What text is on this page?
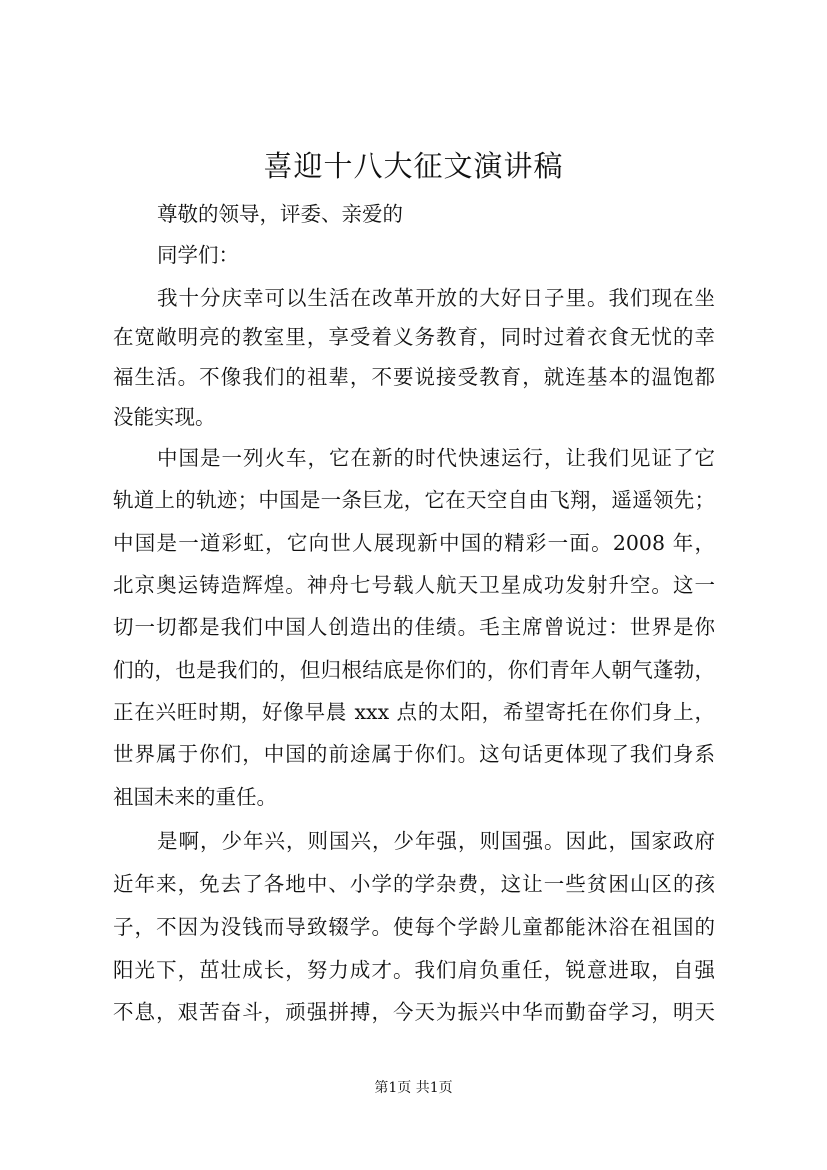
喜迎十八大征文演讲稿
尊敬的领导，评委、亲爱的
同学们：
我十分庆幸可以生活在改革开放的大好日子里。我们现在坐
在宽敞明亮的教室里，享受着义务教育，同时过着衣食无忧的幸
福生活。不像我们的祖辈，不要说接受教育，就连基本的温饱都
没能实现。
中国是一列火车，它在新的时代快速运行，让我们见证了它
轨道上的轨迹；中国是一条巨龙，它在天空自由飞翔，遥遥领先；
中国是一道彩虹，它向世人展现新中国的精彩一面。2008 年，
北京奥运铸造辉煌。神舟七号载人航天卫星成功发射升空。这一
切一切都是我们中国人创造出的佳绩。毛主席曾说过：世界是你
们的，也是我们的，但归根结底是你们的，你们青年人朝气蓬勃，
正在兴旺时期，好像早晨 xxx 点的太阳，希望寄托在你们身上，
世界属于你们，中国的前途属于你们。这句话更体现了我们身系
祖国未来的重任。
是啊，少年兴，则国兴，少年强，则国强。因此，国家政府
近年来，免去了各地中、小学的学杂费，这让一些贫困山区的孩
子，不因为没钱而导致辍学。使每个学龄儿童都能沐浴在祖国的
阳光下，茁壮成长，努力成才。我们肩负重任，锐意进取，自强
不息，艰苦奋斗，顽强拼搏，今天为振兴中华而勤奋学习，明天
第1页 共1页
